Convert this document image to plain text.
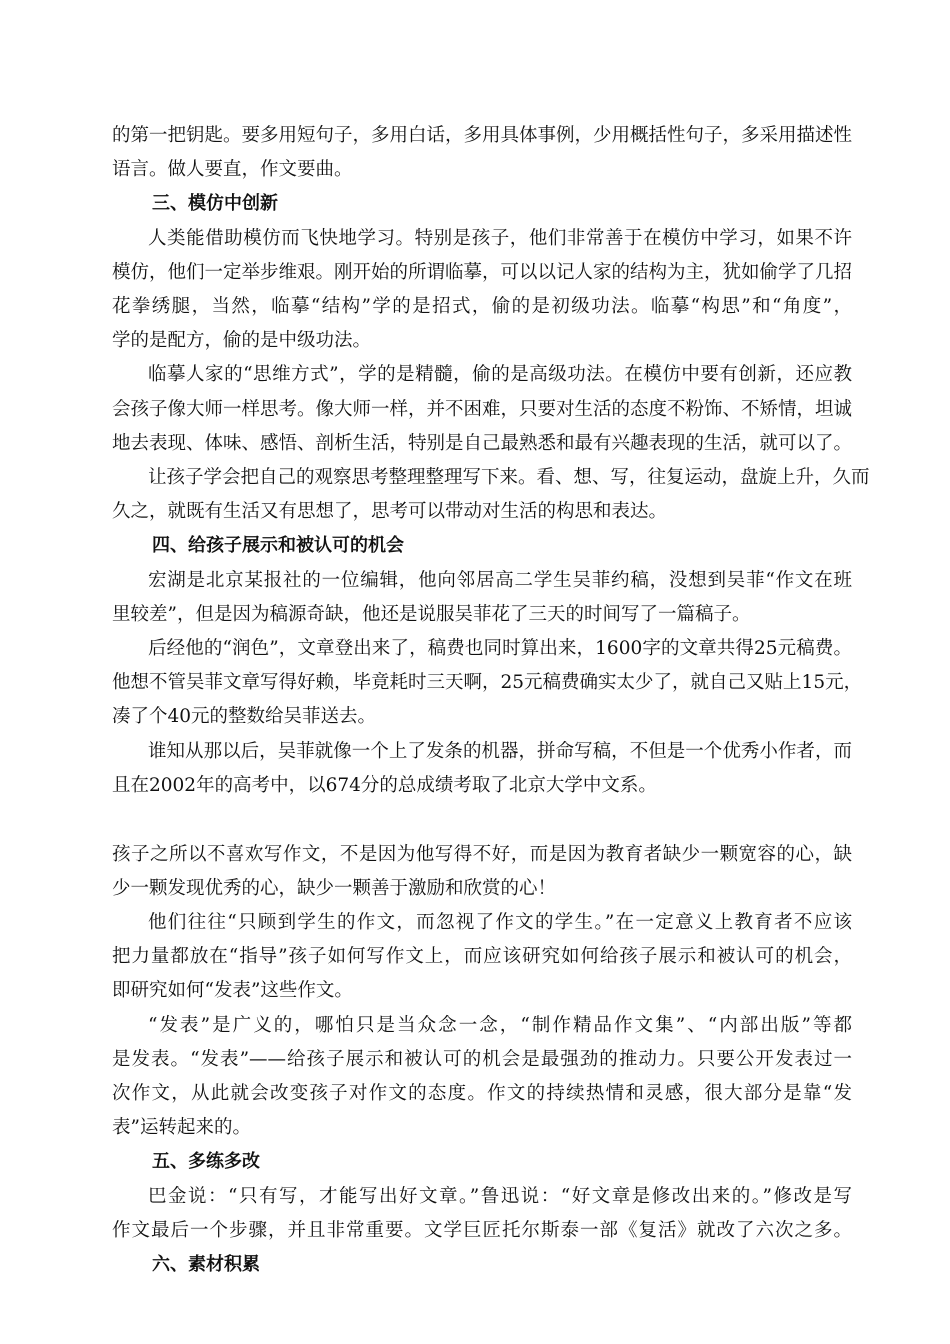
的第一把钥匙。要多用短句子，多用白话，多用具体事例，少用概括性句子，多采用描述性
语言。做人要直，作文要曲。
三、模仿中创新
人类能借助模仿而飞快地学习。特别是孩子，他们非常善于在模仿中学习，如果不许
模仿，他们一定举步维艰。刚开始的所谓临摹，可以以记人家的结构为主，犹如偷学了几招
花拳绣腿，当然，临摹“结构”学的是招式，偷的是初级功法。临摹“构思”和“角度”，
学的是配方，偷的是中级功法。
临摹人家的“思维方式”，学的是精髓，偷的是高级功法。在模仿中要有创新，还应教
会孩子像大师一样思考。像大师一样，并不困难，只要对生活的态度不粉饰、不矫情，坦诚
地去表现、体味、感悟、剖析生活，特别是自己最熟悉和最有兴趣表现的生活，就可以了。
让孩子学会把自己的观察思考整理整理写下来。看、想、写，往复运动，盘旋上升，久而
久之，就既有生活又有思想了，思考可以带动对生活的构思和表达。
四、给孩子展示和被认可的机会
宏湖是北京某报社的一位编辑，他向邻居高二学生吴菲约稿，没想到吴菲“作文在班
里较差”，但是因为稿源奇缺，他还是说服吴菲花了三天的时间写了一篇稿子。
后经他的“润色”，文章登出来了，稿费也同时算出来，1600字的文章共得25元稿费。
他想不管吴菲文章写得好赖，毕竟耗时三天啊，25元稿费确实太少了，就自己又贴上15元，
凑了个40元的整数给吴菲送去。
谁知从那以后，吴菲就像一个上了发条的机器，拼命写稿，不但是一个优秀小作者，而
且在2002年的高考中，以674分的总成绩考取了北京大学中文系。
孩子之所以不喜欢写作文，不是因为他写得不好，而是因为教育者缺少一颗宽容的心，缺
少一颗发现优秀的心，缺少一颗善于激励和欣赏的心！
他们往往“只顾到学生的作文，而忽视了作文的学生。”在一定意义上教育者不应该
把力量都放在“指导”孩子如何写作文上，而应该研究如何给孩子展示和被认可的机会，
即研究如何“发表”这些作文。
“发表”是广义的，哪怕只是当众念一念，“制作精品作文集”、“内部出版”等都
是发表。“发表”——给孩子展示和被认可的机会是最强劲的推动力。只要公开发表过一
次作文，从此就会改变孩子对作文的态度。作文的持续热情和灵感，很大部分是靠“发
表”运转起来的。
五、多练多改
巴金说：“只有写，才能写出好文章。”鲁迅说：“好文章是修改出来的。”修改是写
作文最后一个步骤，并且非常重要。文学巨匠托尔斯泰一部《复活》就改了六次之多。
六、素材积累
